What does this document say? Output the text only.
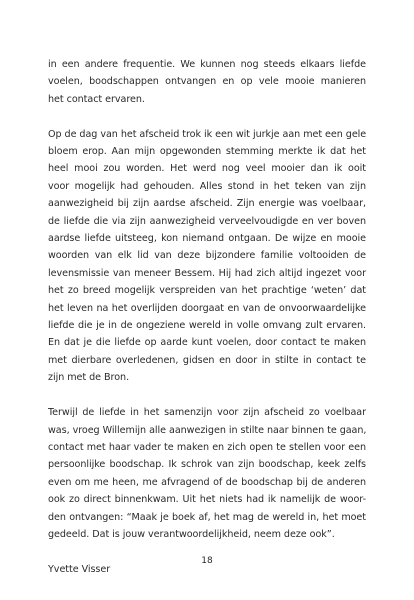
in een andere frequentie. We kunnen nog steeds elkaars liefde
voelen, boodschappen ontvangen en op vele mooie manieren
het contact ervaren.

Op de dag van het afscheid trok ik een wit jurkje aan met een gele
bloem erop. Aan mijn opgewonden stemming merkte ik dat het
heel mooi zou worden. Het werd nog veel mooier dan ik ooit
voor mogelijk had gehouden. Alles stond in het teken van zijn
aanwezigheid bij zijn aardse afscheid. Zijn energie was voelbaar,
de liefde die via zijn aanwezigheid verveelvoudigde en ver boven
aardse liefde uitsteeg, kon niemand ontgaan. De wijze en mooie
woorden van elk lid van deze bijzondere familie voltooiden de
levensmissie van meneer Bessem. Hij had zich altijd ingezet voor
het zo breed mogelijk verspreiden van het prachtige ‘weten’ dat
het leven na het overlijden doorgaat en van de onvoorwaardelijke
liefde die je in de ongeziene wereld in volle omvang zult ervaren.
En dat je die liefde op aarde kunt voelen, door contact te maken
met dierbare overledenen, gidsen en door in stilte in contact te
zijn met de Bron.

Terwijl de liefde in het samenzijn voor zijn afscheid zo voelbaar
was, vroeg Willemijn alle aanwezigen in stilte naar binnen te gaan,
contact met haar vader te maken en zich open te stellen voor een
persoonlijke boodschap. Ik schrok van zijn boodschap, keek zelfs
even om me heen, me afvragend of de boodschap bij de anderen
ook zo direct binnenkwam. Uit het niets had ik namelijk de woor-
den ontvangen: “Maak je boek af, het mag de wereld in, het moet
gedeeld. Dat is jouw verantwoordelijkheid, neem deze ook”.

Yvette Visser

18
